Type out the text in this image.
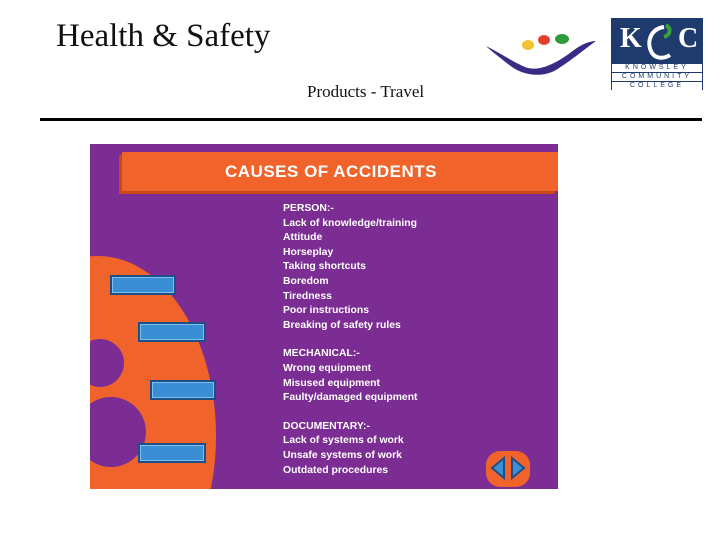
Health & Safety
Products - Travel
K C
KNOWSLEY
COMMUNITY
COLLEGE
CAUSES OF ACCIDENTS
PERSON:-
Lack of knowledge/training
Attitude
Horseplay
Taking shortcuts
Boredom
Tiredness
Poor instructions
Breaking of safety rules
MECHANICAL:-
Wrong equipment
Misused equipment
Faulty/damaged equipment
DOCUMENTARY:-
Lack of systems of work
Unsafe systems of work
Outdated procedures
